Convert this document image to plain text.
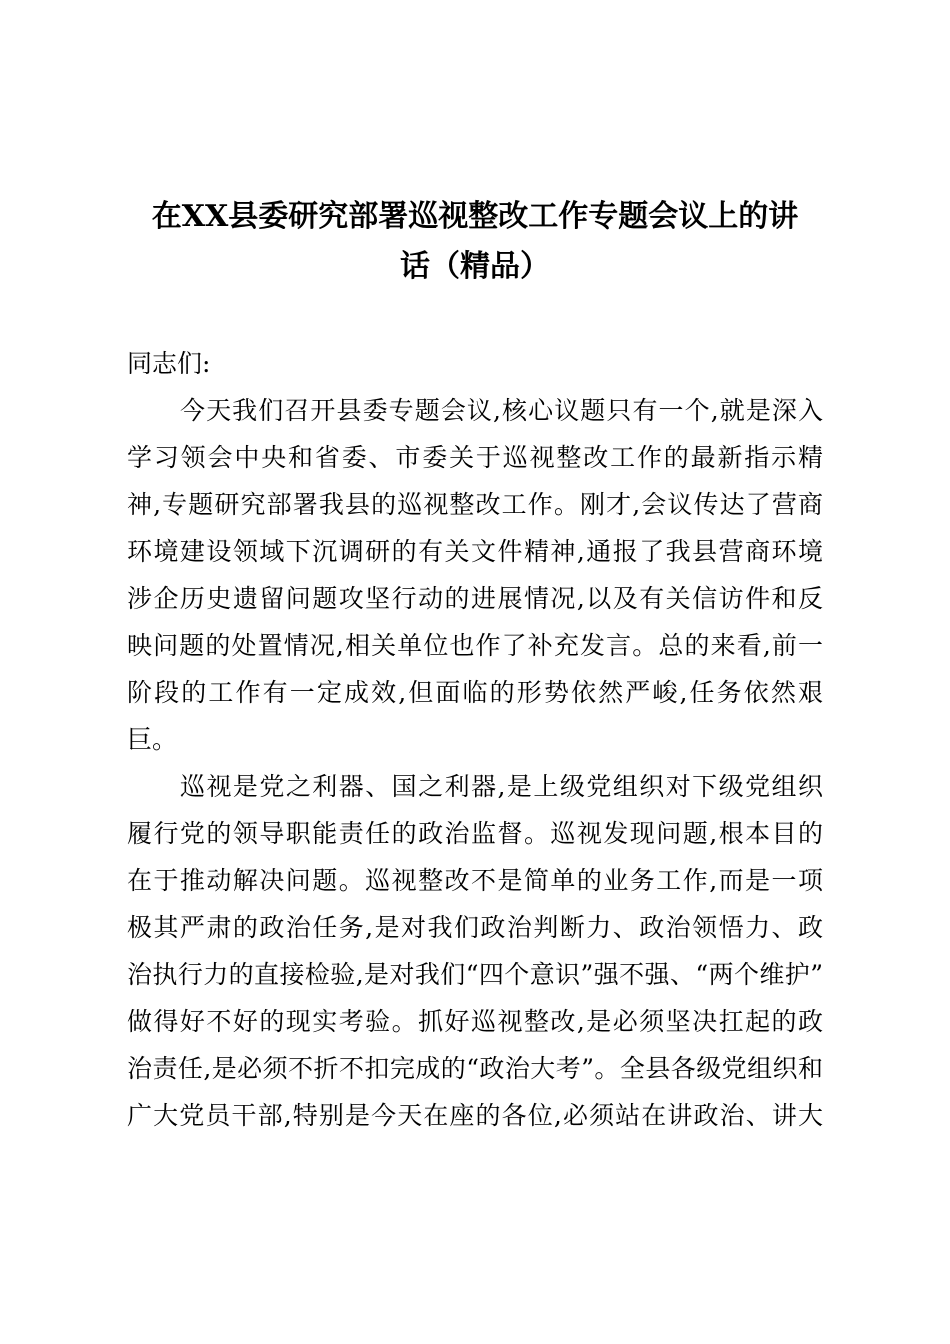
在XX县委研究部署巡视整改工作专题会议上的讲
话（精品）
同志们:
今天我们召开县委专题会议,核心议题只有一个,就是深入
学习领会中央和省委、市委关于巡视整改工作的最新指示精
神,专题研究部署我县的巡视整改工作。刚才,会议传达了营商
环境建设领域下沉调研的有关文件精神,通报了我县营商环境
涉企历史遗留问题攻坚行动的进展情况,以及有关信访件和反
映问题的处置情况,相关单位也作了补充发言。总的来看,前一
阶段的工作有一定成效,但面临的形势依然严峻,任务依然艰
巨。
巡视是党之利器、国之利器,是上级党组织对下级党组织
履行党的领导职能责任的政治监督。巡视发现问题,根本目的
在于推动解决问题。巡视整改不是简单的业务工作,而是一项
极其严肃的政治任务,是对我们政治判断力、政治领悟力、政
治执行力的直接检验,是对我们“四个意识”强不强、“两个维护”
做得好不好的现实考验。抓好巡视整改,是必须坚决扛起的政
治责任,是必须不折不扣完成的“政治大考”。全县各级党组织和
广大党员干部,特别是今天在座的各位,必须站在讲政治、讲大
